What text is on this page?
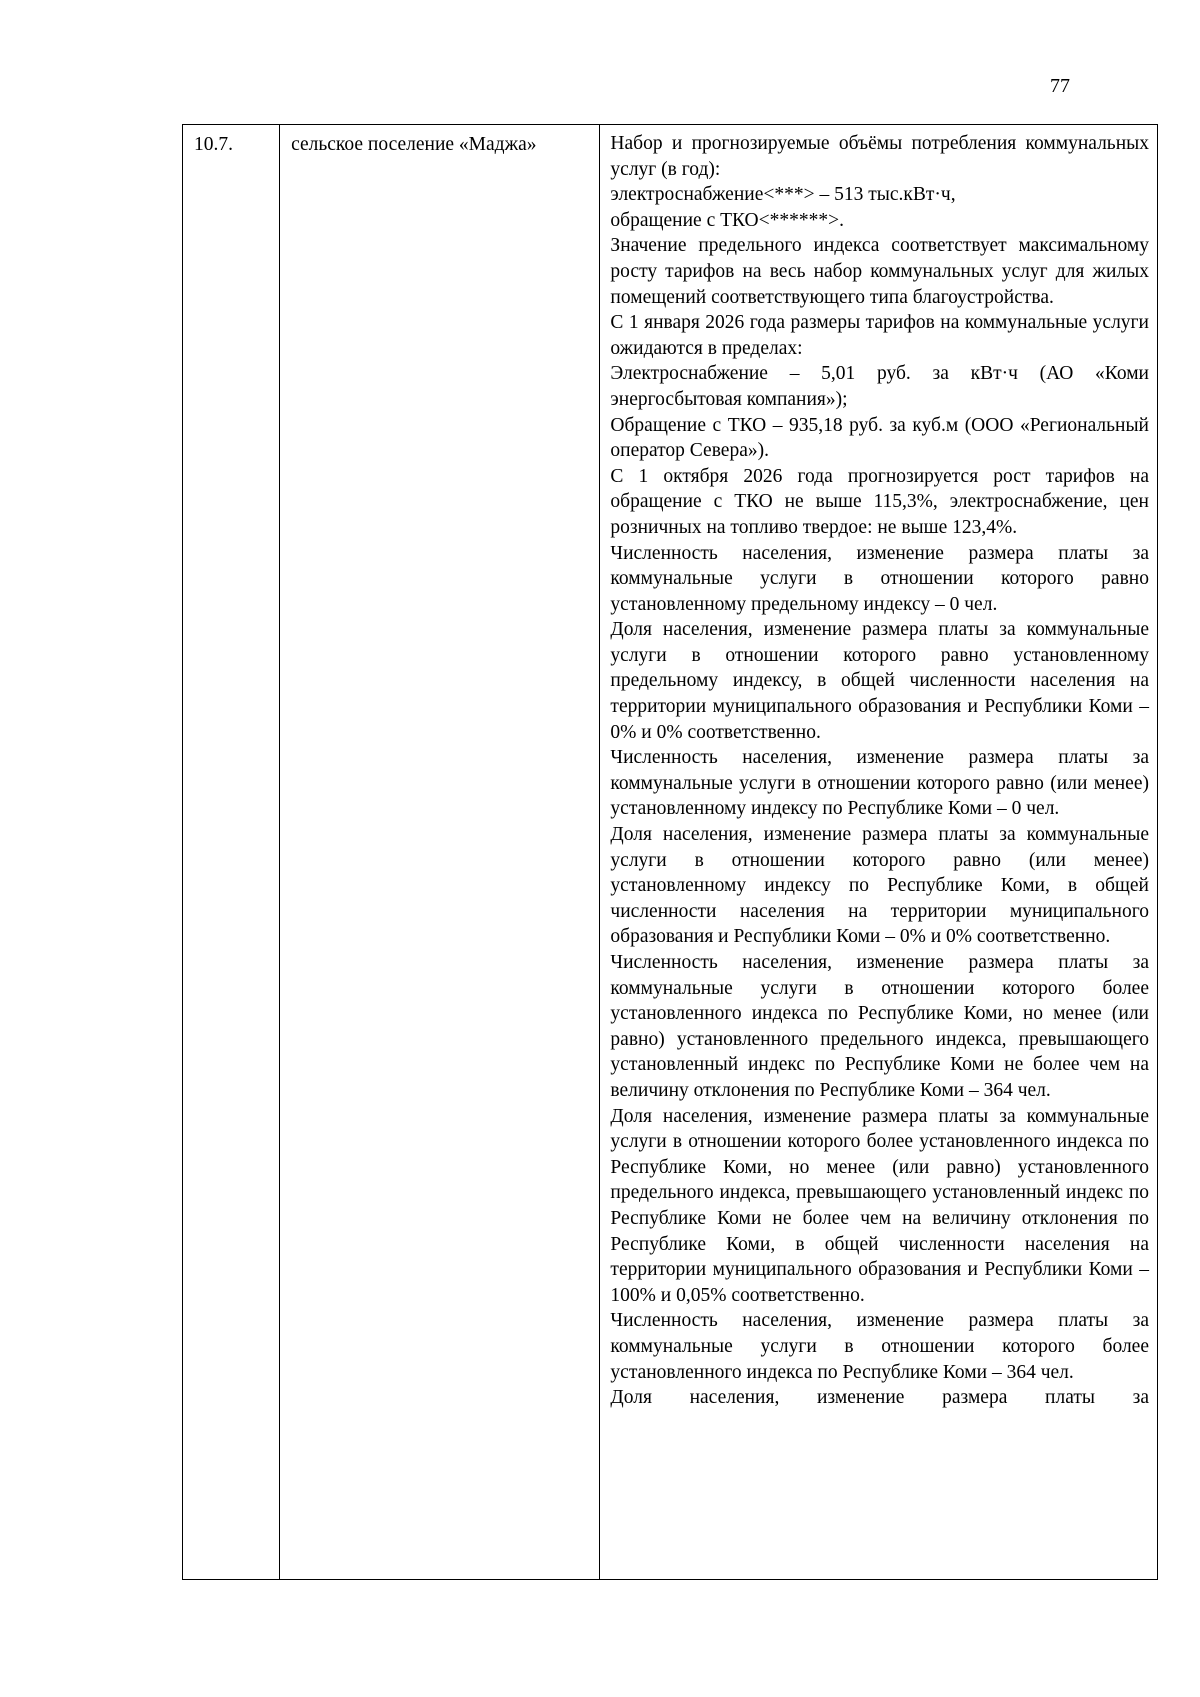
77
10.7.	сельское поселение «Маджа»	Набор и прогнозируемые объёмы потребления коммунальных услуг (в год):

электроснабжение<***> – 513 тыс.кВт·ч,

обращение с ТКО<******>.

Значение предельного индекса соответствует максимальному росту тарифов на весь набор коммунальных услуг для жилых помещений соответствующего типа благоустройства.

С 1 января 2026 года размеры тарифов на коммунальные услуги ожидаются в пределах:

Электроснабжение – 5,01 руб. за кВт·ч (АО «Коми энергосбытовая компания»);

Обращение с ТКО – 935,18 руб. за куб.м (ООО «Региональный оператор Севера»).

С 1 октября 2026 года прогнозируется рост тарифов на обращение с ТКО не выше 115,3%, электроснабжение, цен розничных на топливо твердое: не выше 123,4%.

Численность населения, изменение размера платы за коммунальные услуги в отношении которого равно установленному предельному индексу – 0 чел.

Доля населения, изменение размера платы за коммунальные услуги в отношении которого равно установленному предельному индексу, в общей численности населения на территории муниципального образования и Республики Коми – 0% и 0% соответственно.

Численность населения, изменение размера платы за коммунальные услуги в отношении которого равно (или менее) установленному индексу по Республике Коми – 0 чел.

Доля населения, изменение размера платы за коммунальные услуги в отношении которого равно (или менее) установленному индексу по Республике Коми, в общей численности населения на территории муниципального образования и Республики Коми – 0% и 0% соответственно.

Численность населения, изменение размера платы за коммунальные услуги в отношении которого более установленного индекса по Республике Коми, но менее (или равно) установленного предельного индекса, превышающего установленный индекс по Республике Коми не более чем на величину отклонения по Республике Коми – 364 чел.

Доля населения, изменение размера платы за коммунальные услуги в отношении которого более установленного индекса по Республике Коми, но менее (или равно) установленного предельного индекса, превышающего установленный индекс по Республике Коми не более чем на величину отклонения по Республике Коми, в общей численности населения на территории муниципального образования и Республики Коми – 100% и 0,05% соответственно.

Численность населения, изменение размера платы за коммунальные услуги в отношении которого более установленного индекса по Республике Коми – 364 чел.

Доля населения, изменение размера платы за
